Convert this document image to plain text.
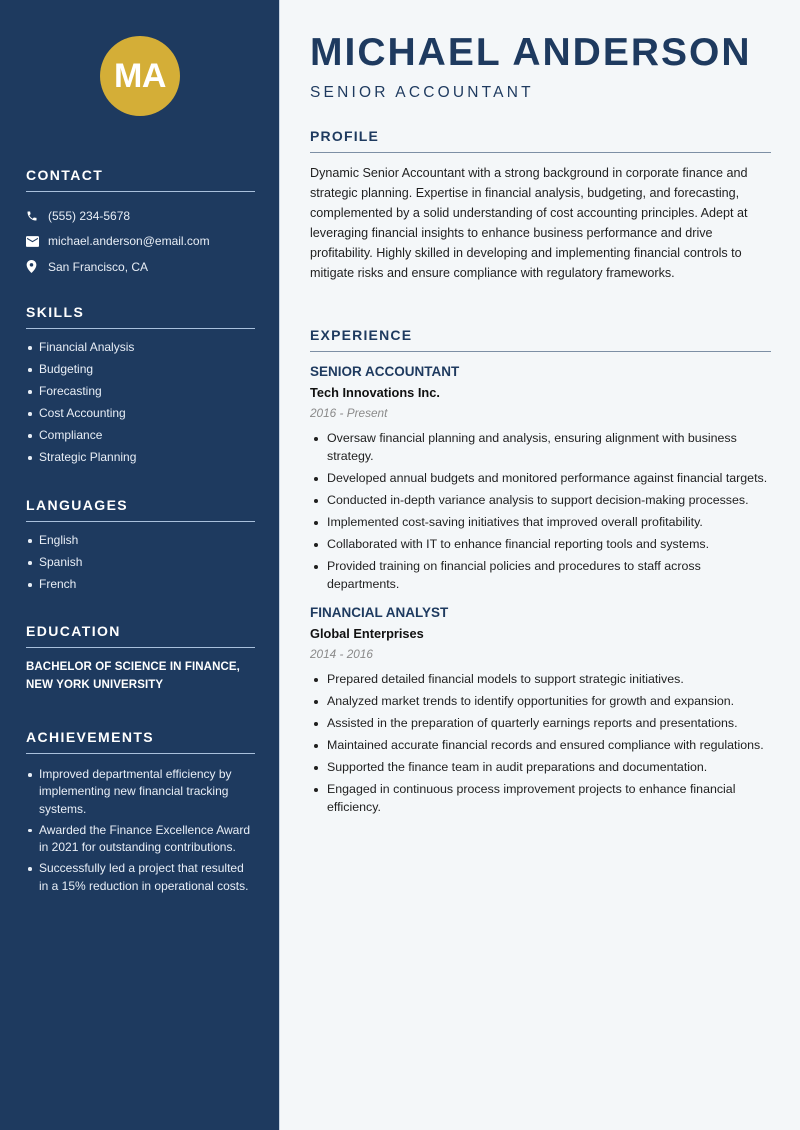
MA
CONTACT
(555) 234-5678
michael.anderson@email.com
San Francisco, CA
SKILLS
Financial Analysis
Budgeting
Forecasting
Cost Accounting
Compliance
Strategic Planning
LANGUAGES
English
Spanish
French
EDUCATION
BACHELOR OF SCIENCE IN FINANCE,
NEW YORK UNIVERSITY
ACHIEVEMENTS
Improved departmental efficiency by implementing new financial tracking systems.
Awarded the Finance Excellence Award in 2021 for outstanding contributions.
Successfully led a project that resulted in a 15% reduction in operational costs.
MICHAEL ANDERSON
SENIOR ACCOUNTANT
PROFILE

Dynamic Senior Accountant with a strong background in corporate finance and strategic planning. Expertise in financial analysis, budgeting, and forecasting, complemented by a solid understanding of cost accounting principles. Adept at leveraging financial insights to enhance business performance and drive profitability. Highly skilled in developing and implementing financial controls to mitigate risks and ensure compliance with regulatory frameworks.

EXPERIENCE
SENIOR ACCOUNTANT
Tech Innovations Inc.
2016 - Present
Oversaw financial planning and analysis, ensuring alignment with business strategy.
Developed annual budgets and monitored performance against financial targets.
Conducted in-depth variance analysis to support decision-making processes.
Implemented cost-saving initiatives that improved overall profitability.
Collaborated with IT to enhance financial reporting tools and systems.
Provided training on financial policies and procedures to staff across departments.
FINANCIAL ANALYST
Global Enterprises
2014 - 2016
Prepared detailed financial models to support strategic initiatives.
Analyzed market trends to identify opportunities for growth and expansion.
Assisted in the preparation of quarterly earnings reports and presentations.
Maintained accurate financial records and ensured compliance with regulations.
Supported the finance team in audit preparations and documentation.
Engaged in continuous process improvement projects to enhance financial efficiency.
